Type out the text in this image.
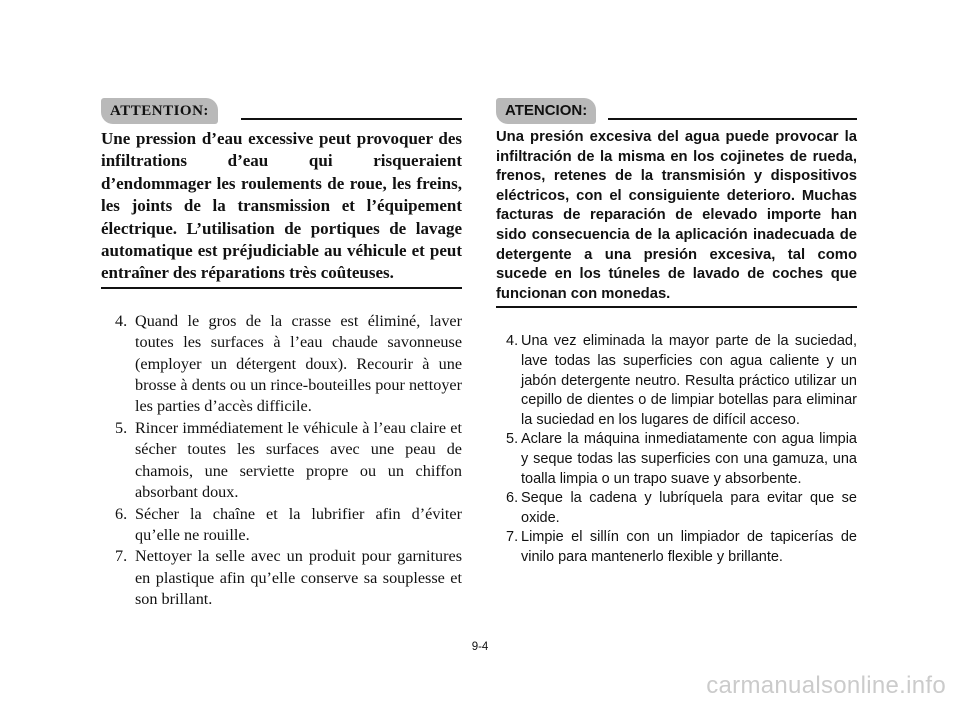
ATTENTION:
Une pression d’eau excessive peut provoquer des infiltrations d’eau qui risqueraient d’endommager les roulements de roue, les freins, les joints de la transmission et l’équipement électrique. L’utilisation de portiques de lavage automatique est préjudiciable au véhicule et peut entraîner des réparations très coûteuses.
4. Quand le gros de la crasse est éliminé, laver toutes les surfaces à l’eau chaude savonneuse (employer un détergent doux). Recourir à une brosse à dents ou un rince-bouteilles pour nettoyer les parties d’accès difficile.
5. Rincer immédiatement le véhicule à l’eau claire et sécher toutes les surfaces avec une peau de chamois, une serviette propre ou un chiffon absorbant doux.
6. Sécher la chaîne et la lubrifier afin d’éviter qu’elle ne rouille.
7. Nettoyer la selle avec un produit pour garnitures en plastique afin qu’elle conserve sa souplesse et son brillant.
ATENCION:
Una presión excesiva del agua puede provocar la infiltración de la misma en los cojinetes de rueda, frenos, retenes de la transmisión y dispositivos eléctricos, con el consiguiente deterioro. Muchas facturas de reparación de elevado importe han sido consecuencia de la aplicación inadecuada de detergente a una presión excesiva, tal como sucede en los túneles de lavado de coches que funcionan con monedas.
4. Una vez eliminada la mayor parte de la suciedad, lave todas las superficies con agua caliente y un jabón detergente neutro. Resulta práctico utilizar un cepillo de dientes o de limpiar botellas para eliminar la suciedad en los lugares de difícil acceso.
5. Aclare la máquina inmediatamente con agua limpia y seque todas las superficies con una gamuza, una toalla limpia o un trapo suave y absorbente.
6. Seque la cadena y lubríquela para evitar que se oxide.
7. Limpie el sillín con un limpiador de tapicerías de vinilo para mantenerlo flexible y brillante.
9-4
carmanualsonline.info
